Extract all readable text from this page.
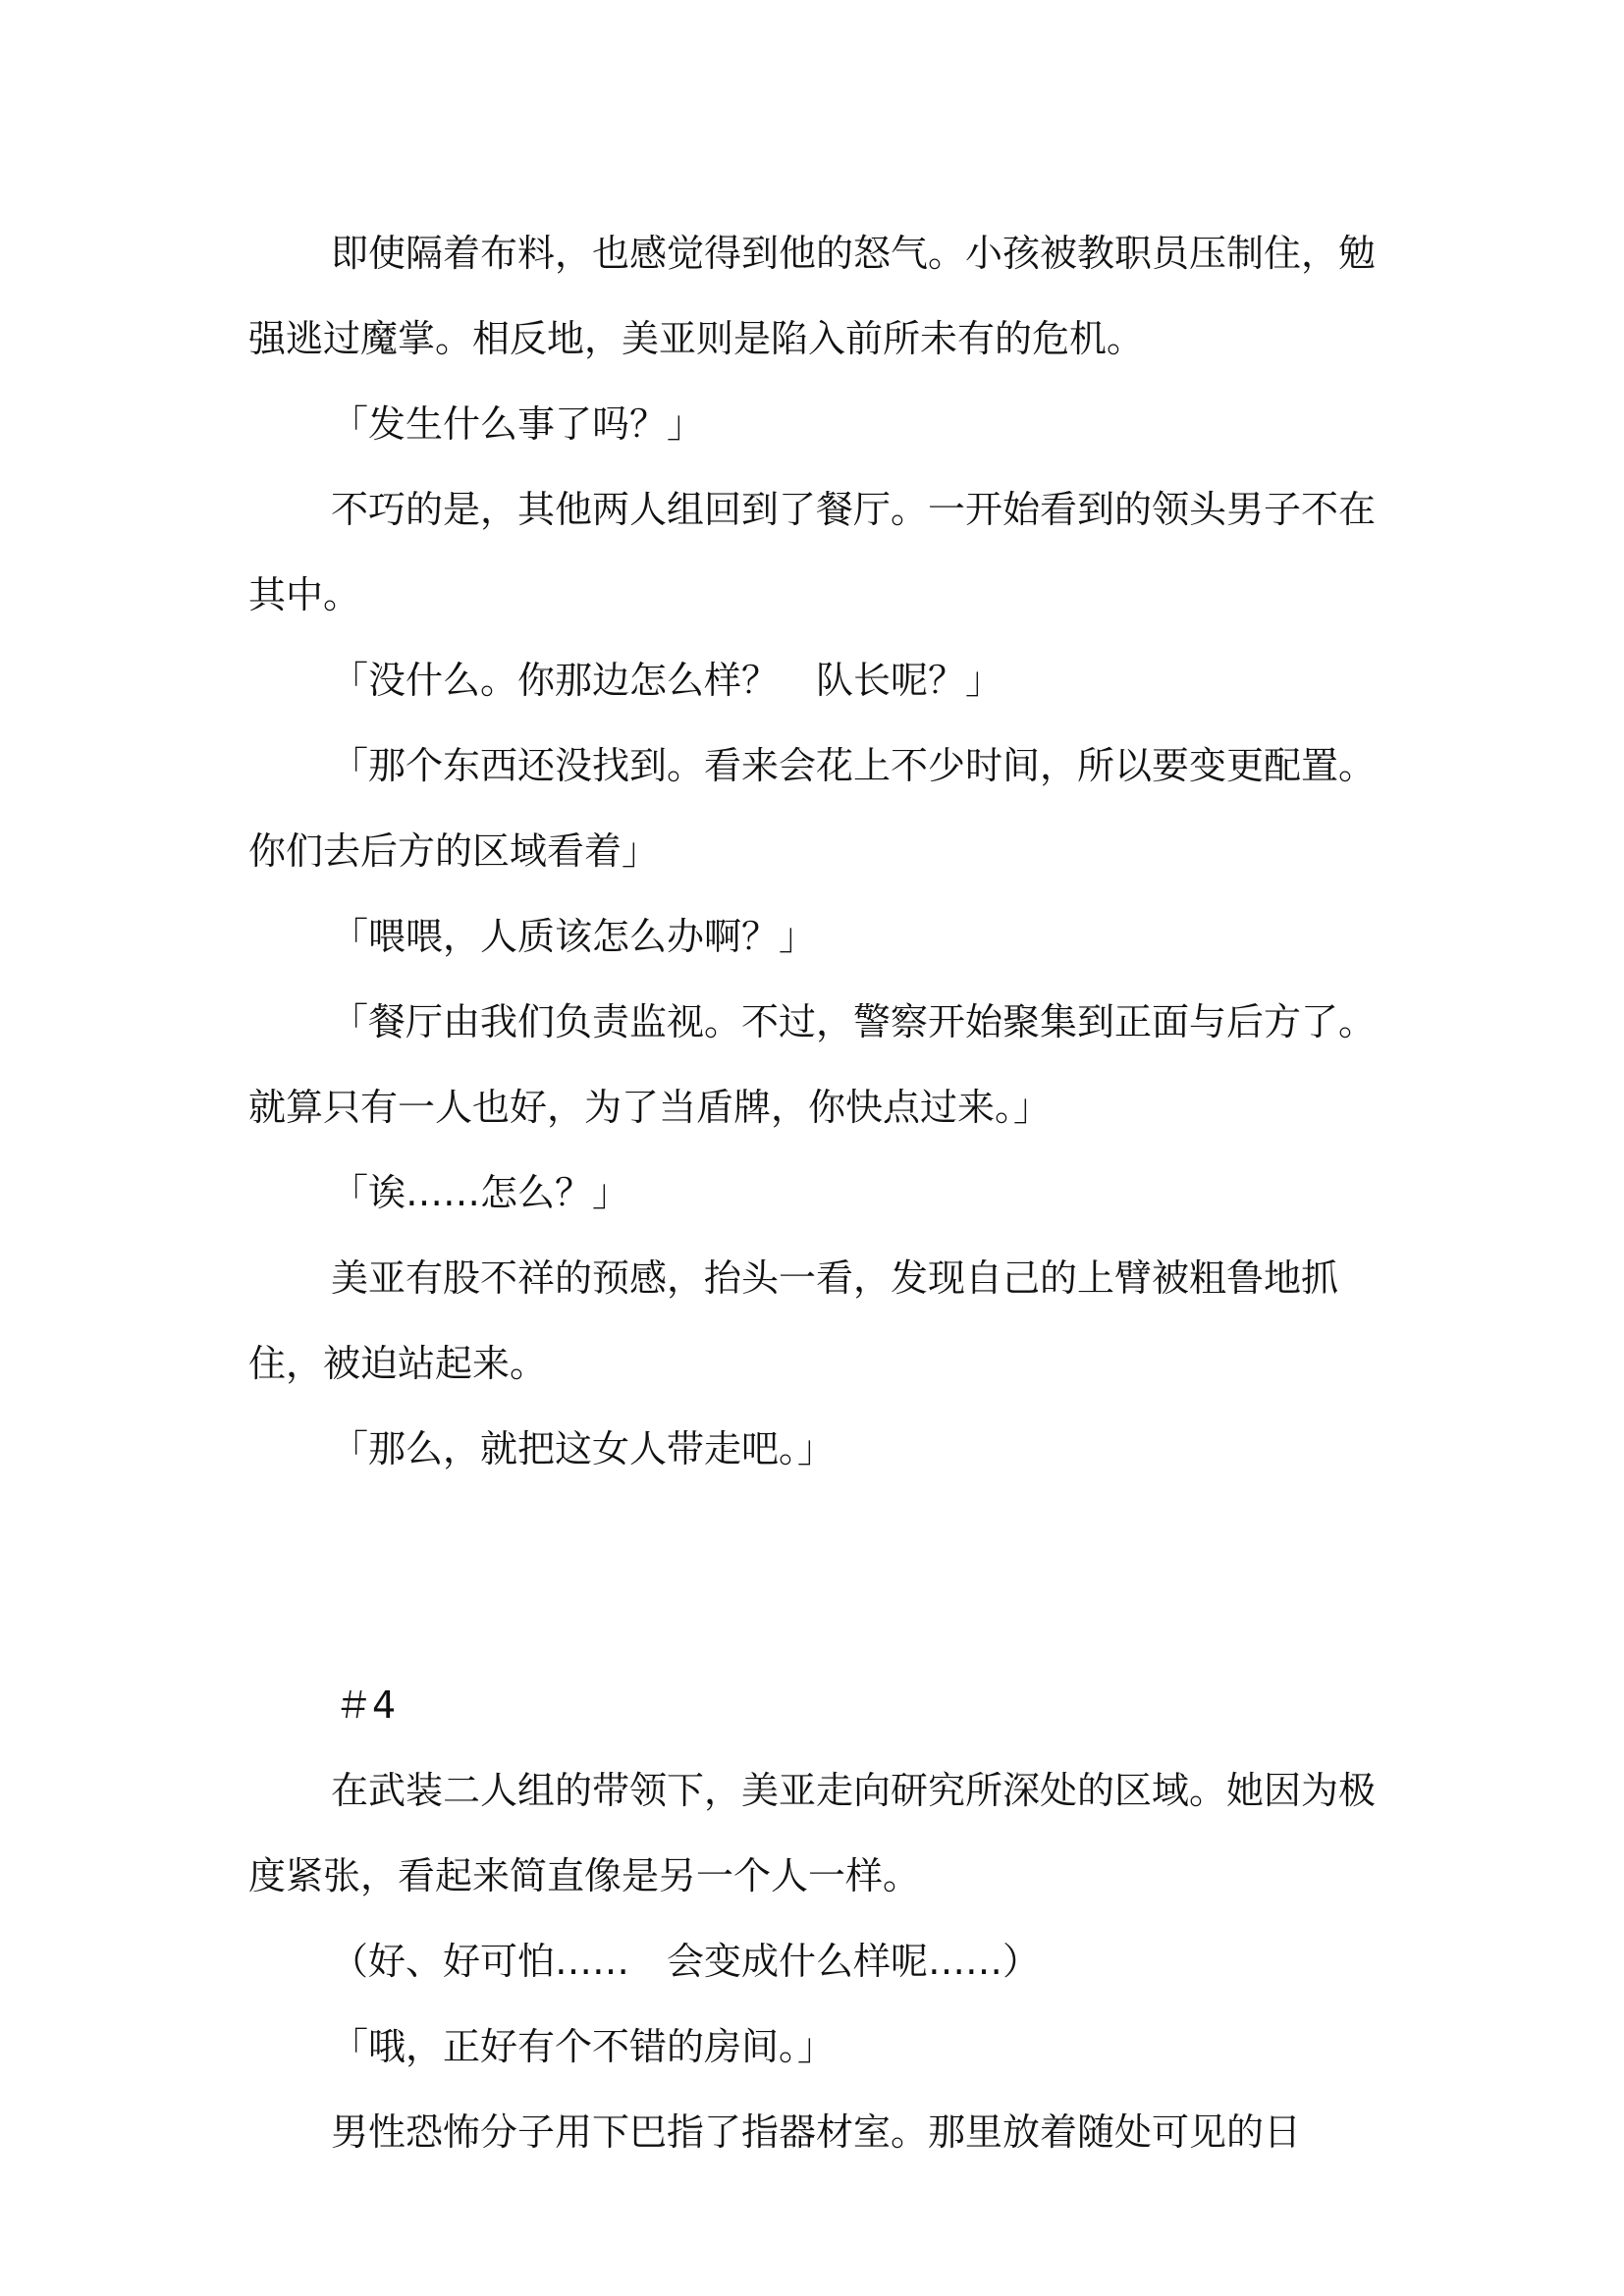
即使隔着布料，也感觉得到他的怒气。小孩被教职员压制住，勉强逃过魔掌。相反地，美亚则是陷入前所未有的危机。

「发生什么事了吗？」

不巧的是，其他两人组回到了餐厅。一开始看到的领头男子不在其中。

「没什么。你那边怎么样？　队长呢？」

「那个东西还没找到。看来会花上不少时间，所以要变更配置。你们去后方的区域看着」

「喂喂，人质该怎么办啊？」

「餐厅由我们负责监视。不过，警察开始聚集到正面与后方了。就算只有一人也好，为了当盾牌，你快点过来。」

「诶……怎么？」

美亚有股不祥的预感，抬头一看，发现自己的上臂被粗鲁地抓住，被迫站起来。

「那么，就把这女人带走吧。」

＃4

在武装二人组的带领下，美亚走向研究所深处的区域。她因为极度紧张，看起来简直像是另一个人一样。

（好、好可怕……　会变成什么样呢……）

「哦，正好有个不错的房间。」

男性恐怖分子用下巴指了指器材室。那里放着随处可见的日
